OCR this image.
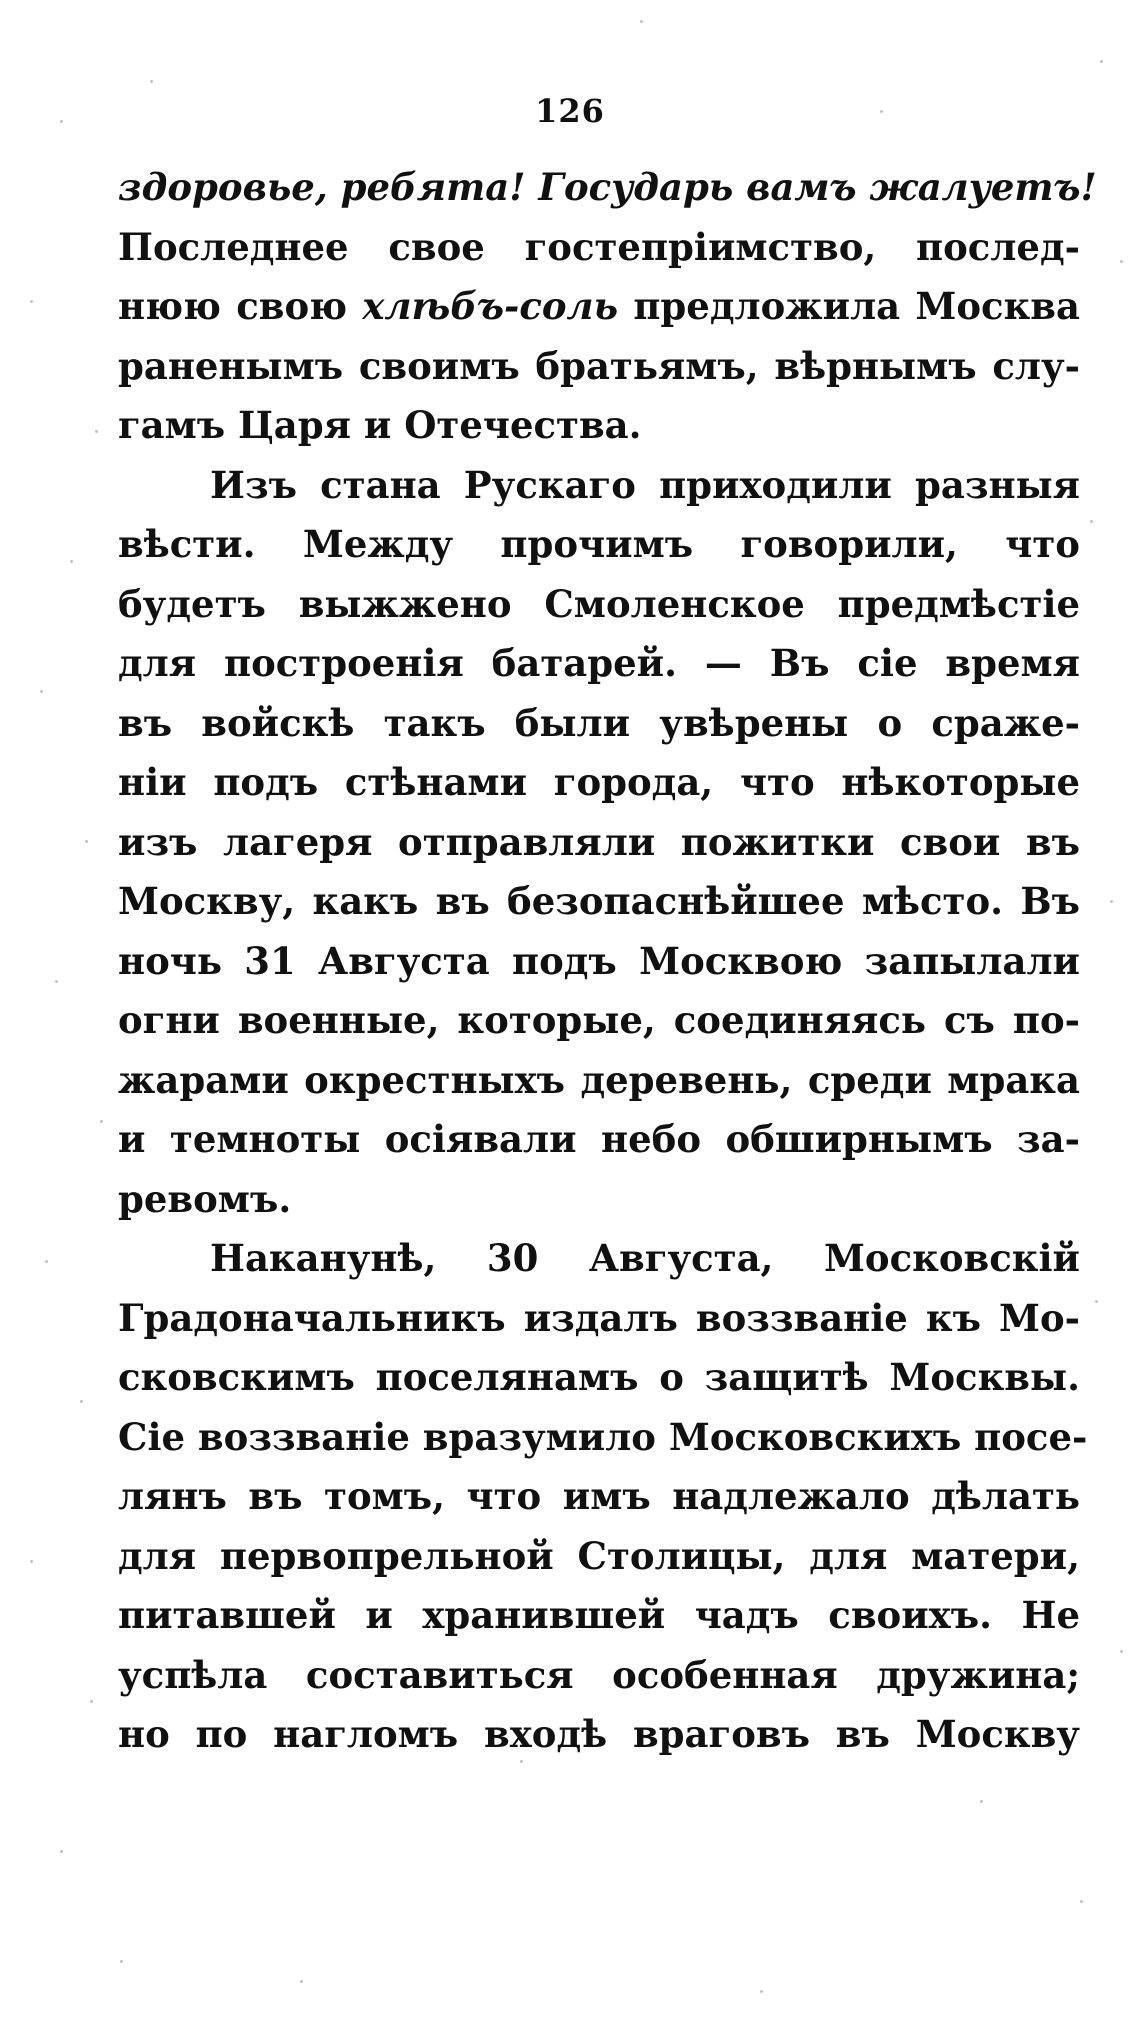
126
здоровье, ребята! Государь вамъ жалуетъ!
Последнее свое гостепріимство, послед-
нюю свою хлѣбъ-соль предложила Москва
раненымъ своимъ братьямъ, вѣрнымъ слу-
гамъ Царя и Отечества.
Изъ стана Рускаго приходили разныя
вѣсти. Между прочимъ говорили, что
будетъ выжжено Смоленское предмѣстіе
для построенія батарей. — Въ сіе время
въ войскѣ такъ были увѣрены о сраже-
ніи подъ стѣнами города, что нѣкоторые
изъ лагеря отправляли пожитки свои въ
Москву, какъ въ безопаснѣйшее мѣсто. Въ
ночь 31 Августа подъ Москвою запылали
огни военные, которые, соединяясь съ по-
жарами окрестныхъ деревень, среди мрака
и темноты осіявали небо обширнымъ за-
ревомъ.
Наканунѣ, 30 Августа, Московскій
Градоначальникъ издалъ воззваніе къ Мо-
сковскимъ поселянамъ о защитѣ Москвы.
Сіе воззваніе вразумило Московскихъ посе-
лянъ въ томъ, что имъ надлежало дѣлать
для первопрельной Столицы, для матери,
питавшей и хранившей чадъ своихъ. Не
успѣла составиться особенная дружина;
но по нагломъ входѣ враговъ въ Москву
